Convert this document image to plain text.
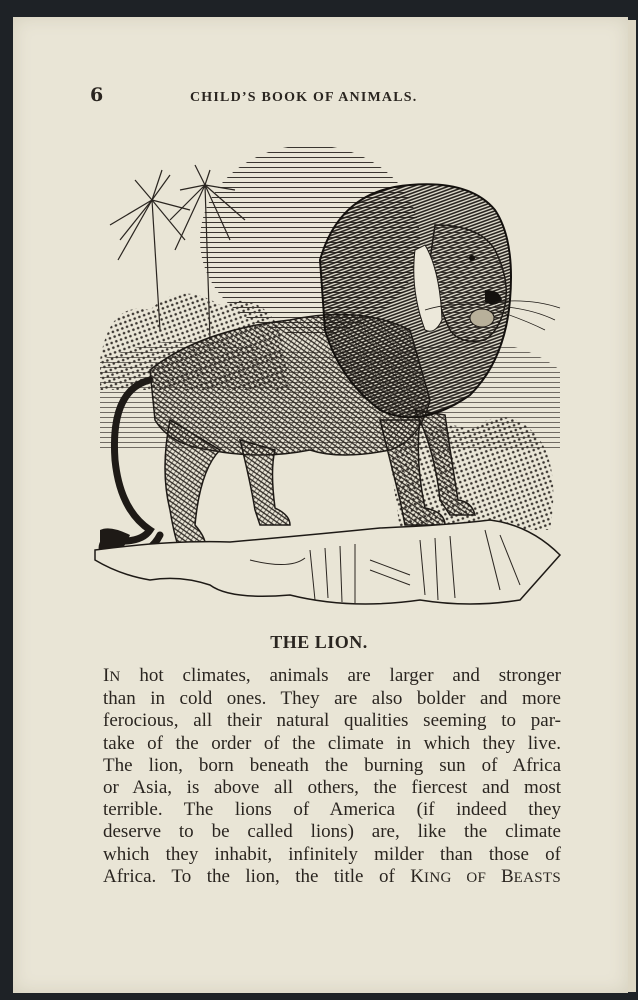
6	CHILD’S BOOK OF ANIMALS.
THE LION.
IN hot climates, animals are larger and stronger
than in cold ones. They are also bolder and more
ferocious, all their natural qualities seeming to par-
take of the order of the climate in which they live.
The lion, born beneath the burning sun of Africa
or Asia, is above all others, the fiercest and most
terrible. The lions of America (if indeed they
deserve to be called lions) are, like the climate
which they inhabit, infinitely milder than those of
Africa. To the lion, the title of KING OF BEASTS
